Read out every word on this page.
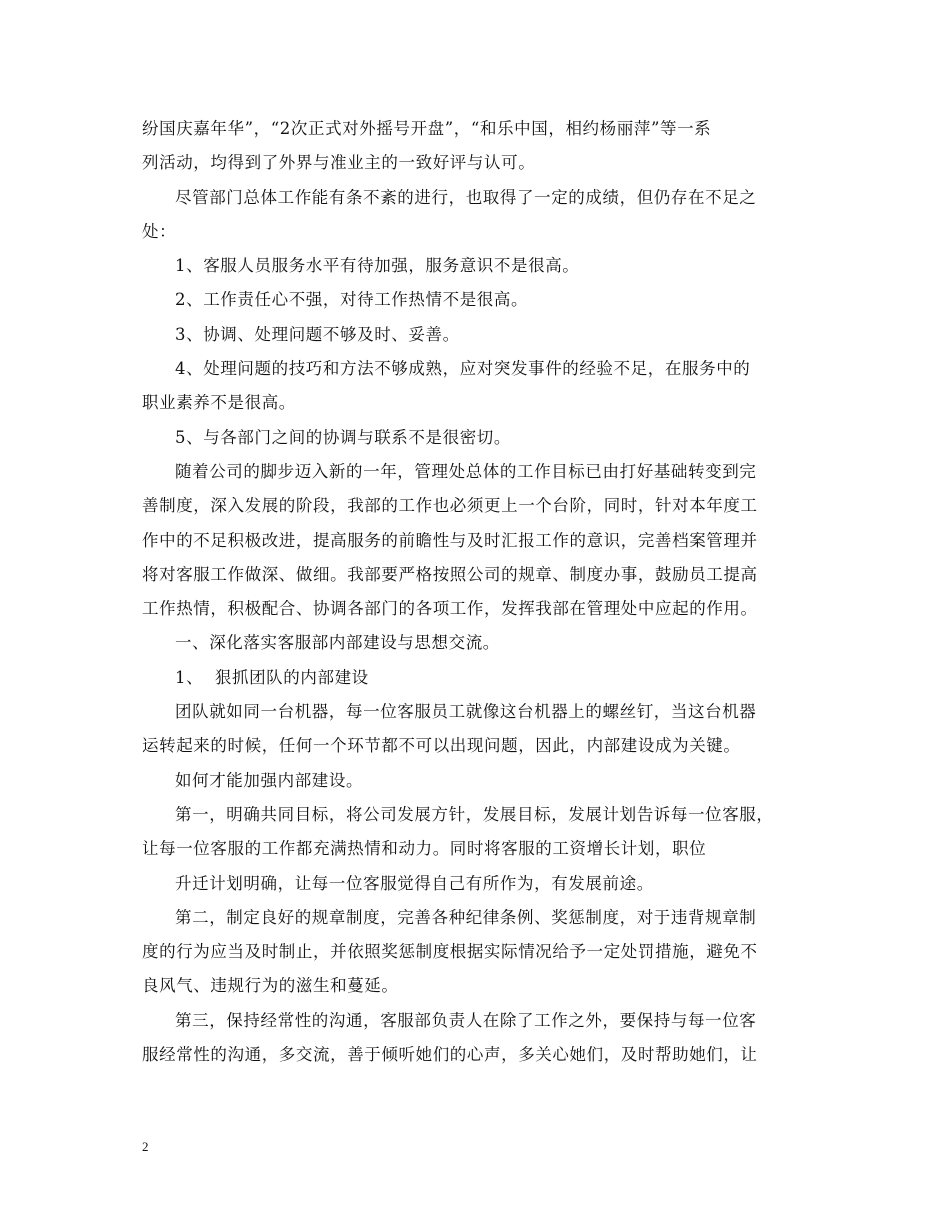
纷国庆嘉年华”，“2次正式对外摇号开盘”，“和乐中国，相约杨丽萍”等一系
列活动，均得到了外界与准业主的一致好评与认可。
尽管部门总体工作能有条不紊的进行，也取得了一定的成绩，但仍存在不足之
处：
1、客服人员服务水平有待加强，服务意识不是很高。
2、工作责任心不强，对待工作热情不是很高。
3、协调、处理问题不够及时、妥善。
4、处理问题的技巧和方法不够成熟，应对突发事件的经验不足，在服务中的
职业素养不是很高。
5、与各部门之间的协调与联系不是很密切。
随着公司的脚步迈入新的一年，管理处总体的工作目标已由打好基础转变到完
善制度，深入发展的阶段，我部的工作也必须更上一个台阶，同时，针对本年度工
作中的不足积极改进，提高服务的前瞻性与及时汇报工作的意识，完善档案管理并
将对客服工作做深、做细。我部要严格按照公司的规章、制度办事，鼓励员工提高
工作热情，积极配合、协调各部门的各项工作，发挥我部在管理处中应起的作用。
一、深化落实客服部内部建设与思想交流。
1、  狠抓团队的内部建设
团队就如同一台机器，每一位客服员工就像这台机器上的螺丝钉，当这台机器
运转起来的时候，任何一个环节都不可以出现问题，因此，内部建设成为关键。
如何才能加强内部建设。
第一，明确共同目标，将公司发展方针，发展目标，发展计划告诉每一位客服，
让每一位客服的工作都充满热情和动力。同时将客服的工资增长计划，职位
升迁计划明确，让每一位客服觉得自己有所作为，有发展前途。
第二，制定良好的规章制度，完善各种纪律条例、奖惩制度，对于违背规章制
度的行为应当及时制止，并依照奖惩制度根据实际情况给予一定处罚措施，避免不
良风气、违规行为的滋生和蔓延。
第三，保持经常性的沟通，客服部负责人在除了工作之外，要保持与每一位客
服经常性的沟通，多交流，善于倾听她们的心声，多关心她们，及时帮助她们，让
2
